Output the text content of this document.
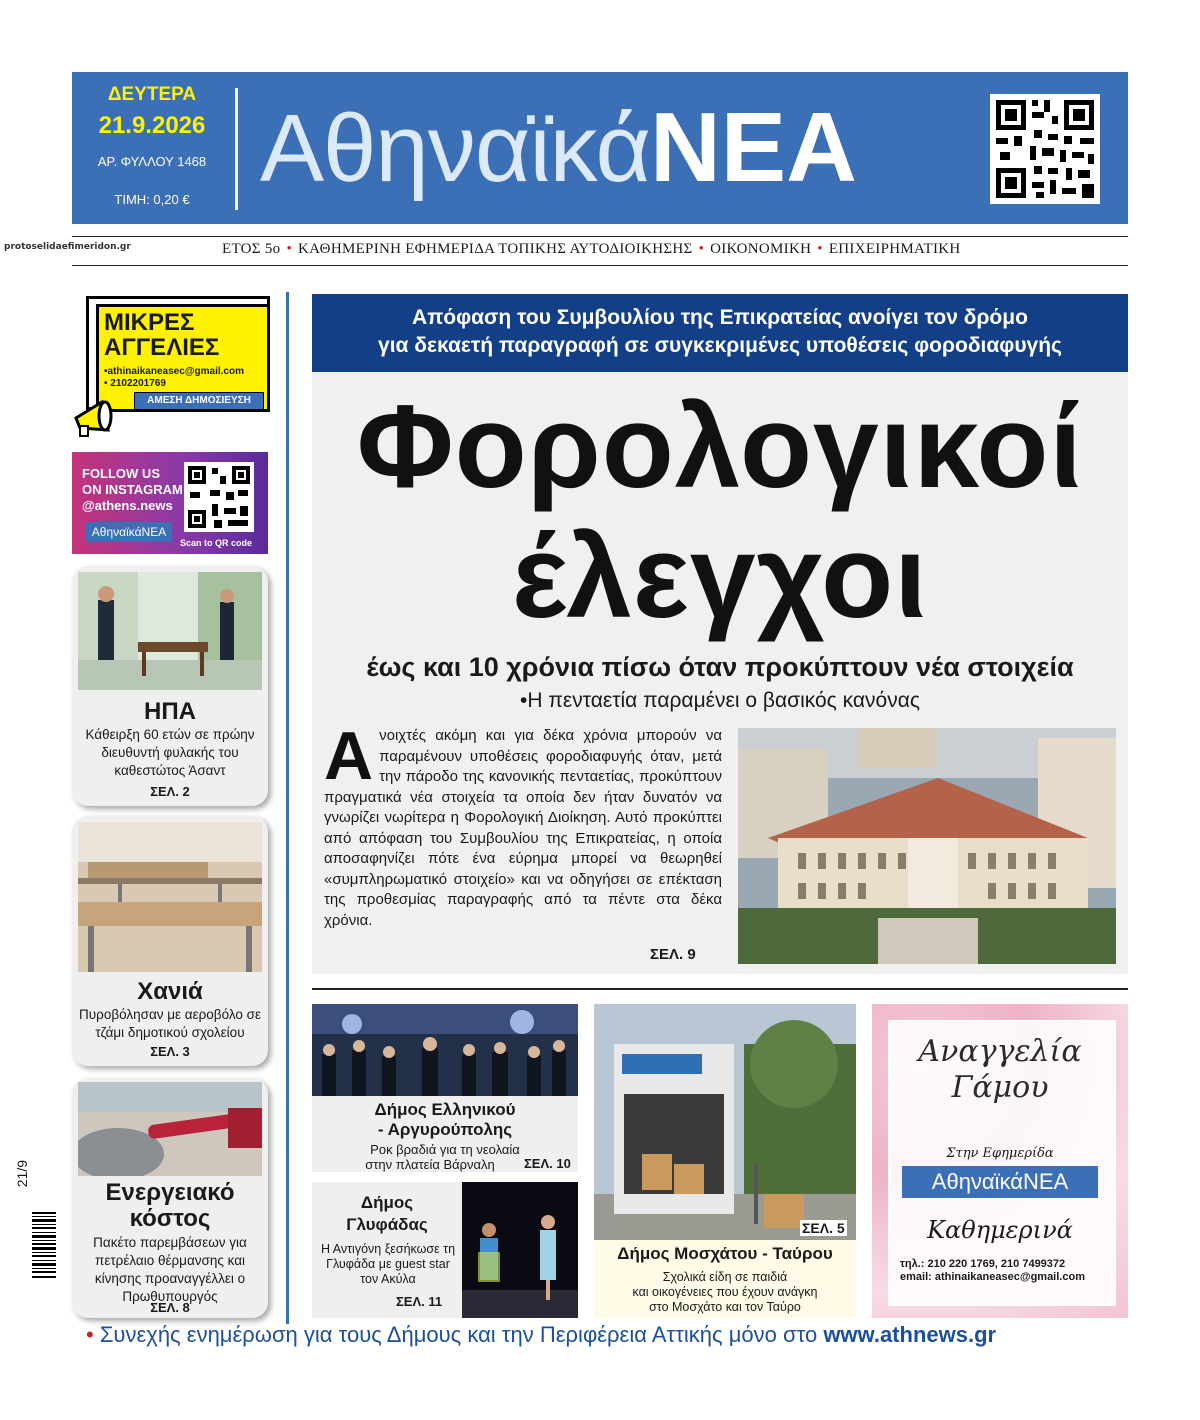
ΔΕΥΤΕΡΑ
21.9.2026
ΑΡ. ΦΥΛΛΟΥ 1468
ΤΙΜΗ: 0,20 € ΑθηναϊκάΝΕΑ
protoselidaefimeridon.gr	ΕΤΟΣ 5ο • ΚΑΘΗΜΕΡΙΝΗ ΕΦΗΜΕΡΙΔΑ ΤΟΠΙΚΗΣ ΑΥΤΟΔΙΟΙΚΗΣΗΣ • ΟΙΚΟΝΟΜΙΚΗ • ΕΠΙΧΕΙΡΗΜΑΤΙΚΗ
ΜΙΚΡΕΣ
ΑΓΓΕΛΙΕΣ
•athinaikaneasec@gmail.com
• 2102201769
ΑΜΕΣΗ ΔΗΜΟΣΙΕΥΣΗ
FOLLOW US
ON INSTAGRAM
@athens.news
ΑθηναϊκάΝΕΑ
Scan to QR code
ΗΠΑ
Κάθειρξη 60 ετών σε πρώην διευθυντή φυλακής του καθεστώτος Άσαντ
ΣΕΛ. 2
Χανιά
Πυροβόλησαν με αεροβόλο σε τζάμι δημοτικού σχολείου
ΣΕΛ. 3
Ενεργειακό κόστος
Πακέτο παρεμβάσεων για πετρέλαιο θέρμανσης και κίνησης προαναγγέλλει ο Πρωθυπουργός
ΣΕΛ. 8
Απόφαση του Συμβουλίου της Επικρατείας ανοίγει τον δρόμο
για δεκαετή παραγραφή σε συγκεκριμένες υποθέσεις φοροδιαφυγής
Φορολογικοί
έλεγχοι
έως και 10 χρόνια πίσω όταν προκύπτουν νέα στοιχεία
•Η πενταετία παραμένει ο βασικός κανόνας
Ανοιχτές ακόμη και για δέκα χρόνια μπορούν να παραμένουν υποθέσεις φοροδιαφυγής όταν, μετά την πάροδο της κανονικής πενταετίας, προκύπτουν πραγματικά νέα στοιχεία τα οποία δεν ήταν δυνατόν να γνωρίζει νωρίτερα η Φορολογική Διοίκηση. Αυτό προκύπτει από απόφαση του Συμβουλίου της Επικρατείας, η οποία αποσαφηνίζει πότε ένα εύρημα μπορεί να θεωρηθεί «συμπληρωματικό στοιχείο» και να οδηγήσει σε επέκταση της προθεσμίας παραγραφής από τα πέντε στα δέκα χρόνια.
ΣΕΛ. 9
Δήμος Ελληνικού
- Αργυρούπολης
Ροκ βραδιά για τη νεολαία
στην πλατεία Βάρναλη	ΣΕΛ. 10
Δήμος
Γλυφάδας
Η Αντιγόνη ξεσήκωσε τη Γλυφάδα με guest star τον Ακύλα
ΣΕΛ. 11
ΣΕΛ. 5
Δήμος Μοσχάτου - Ταύρου
Σχολικά είδη σε παιδιά
και οικογένειες που έχουν ανάγκη
στο Μοσχάτο και τον Ταύρο
Αναγγελία
Γάμου
Στην Εφημερίδα
ΑθηναϊκάΝΕΑ
Καθημερινά
τηλ.: 210 220 1769, 210 7499372
email: athinaikaneasec@gmail.com
21/9
• Συνεχής ενημέρωση για τους Δήμους και την Περιφέρεια Αττικής μόνο στο www.athnews.gr
